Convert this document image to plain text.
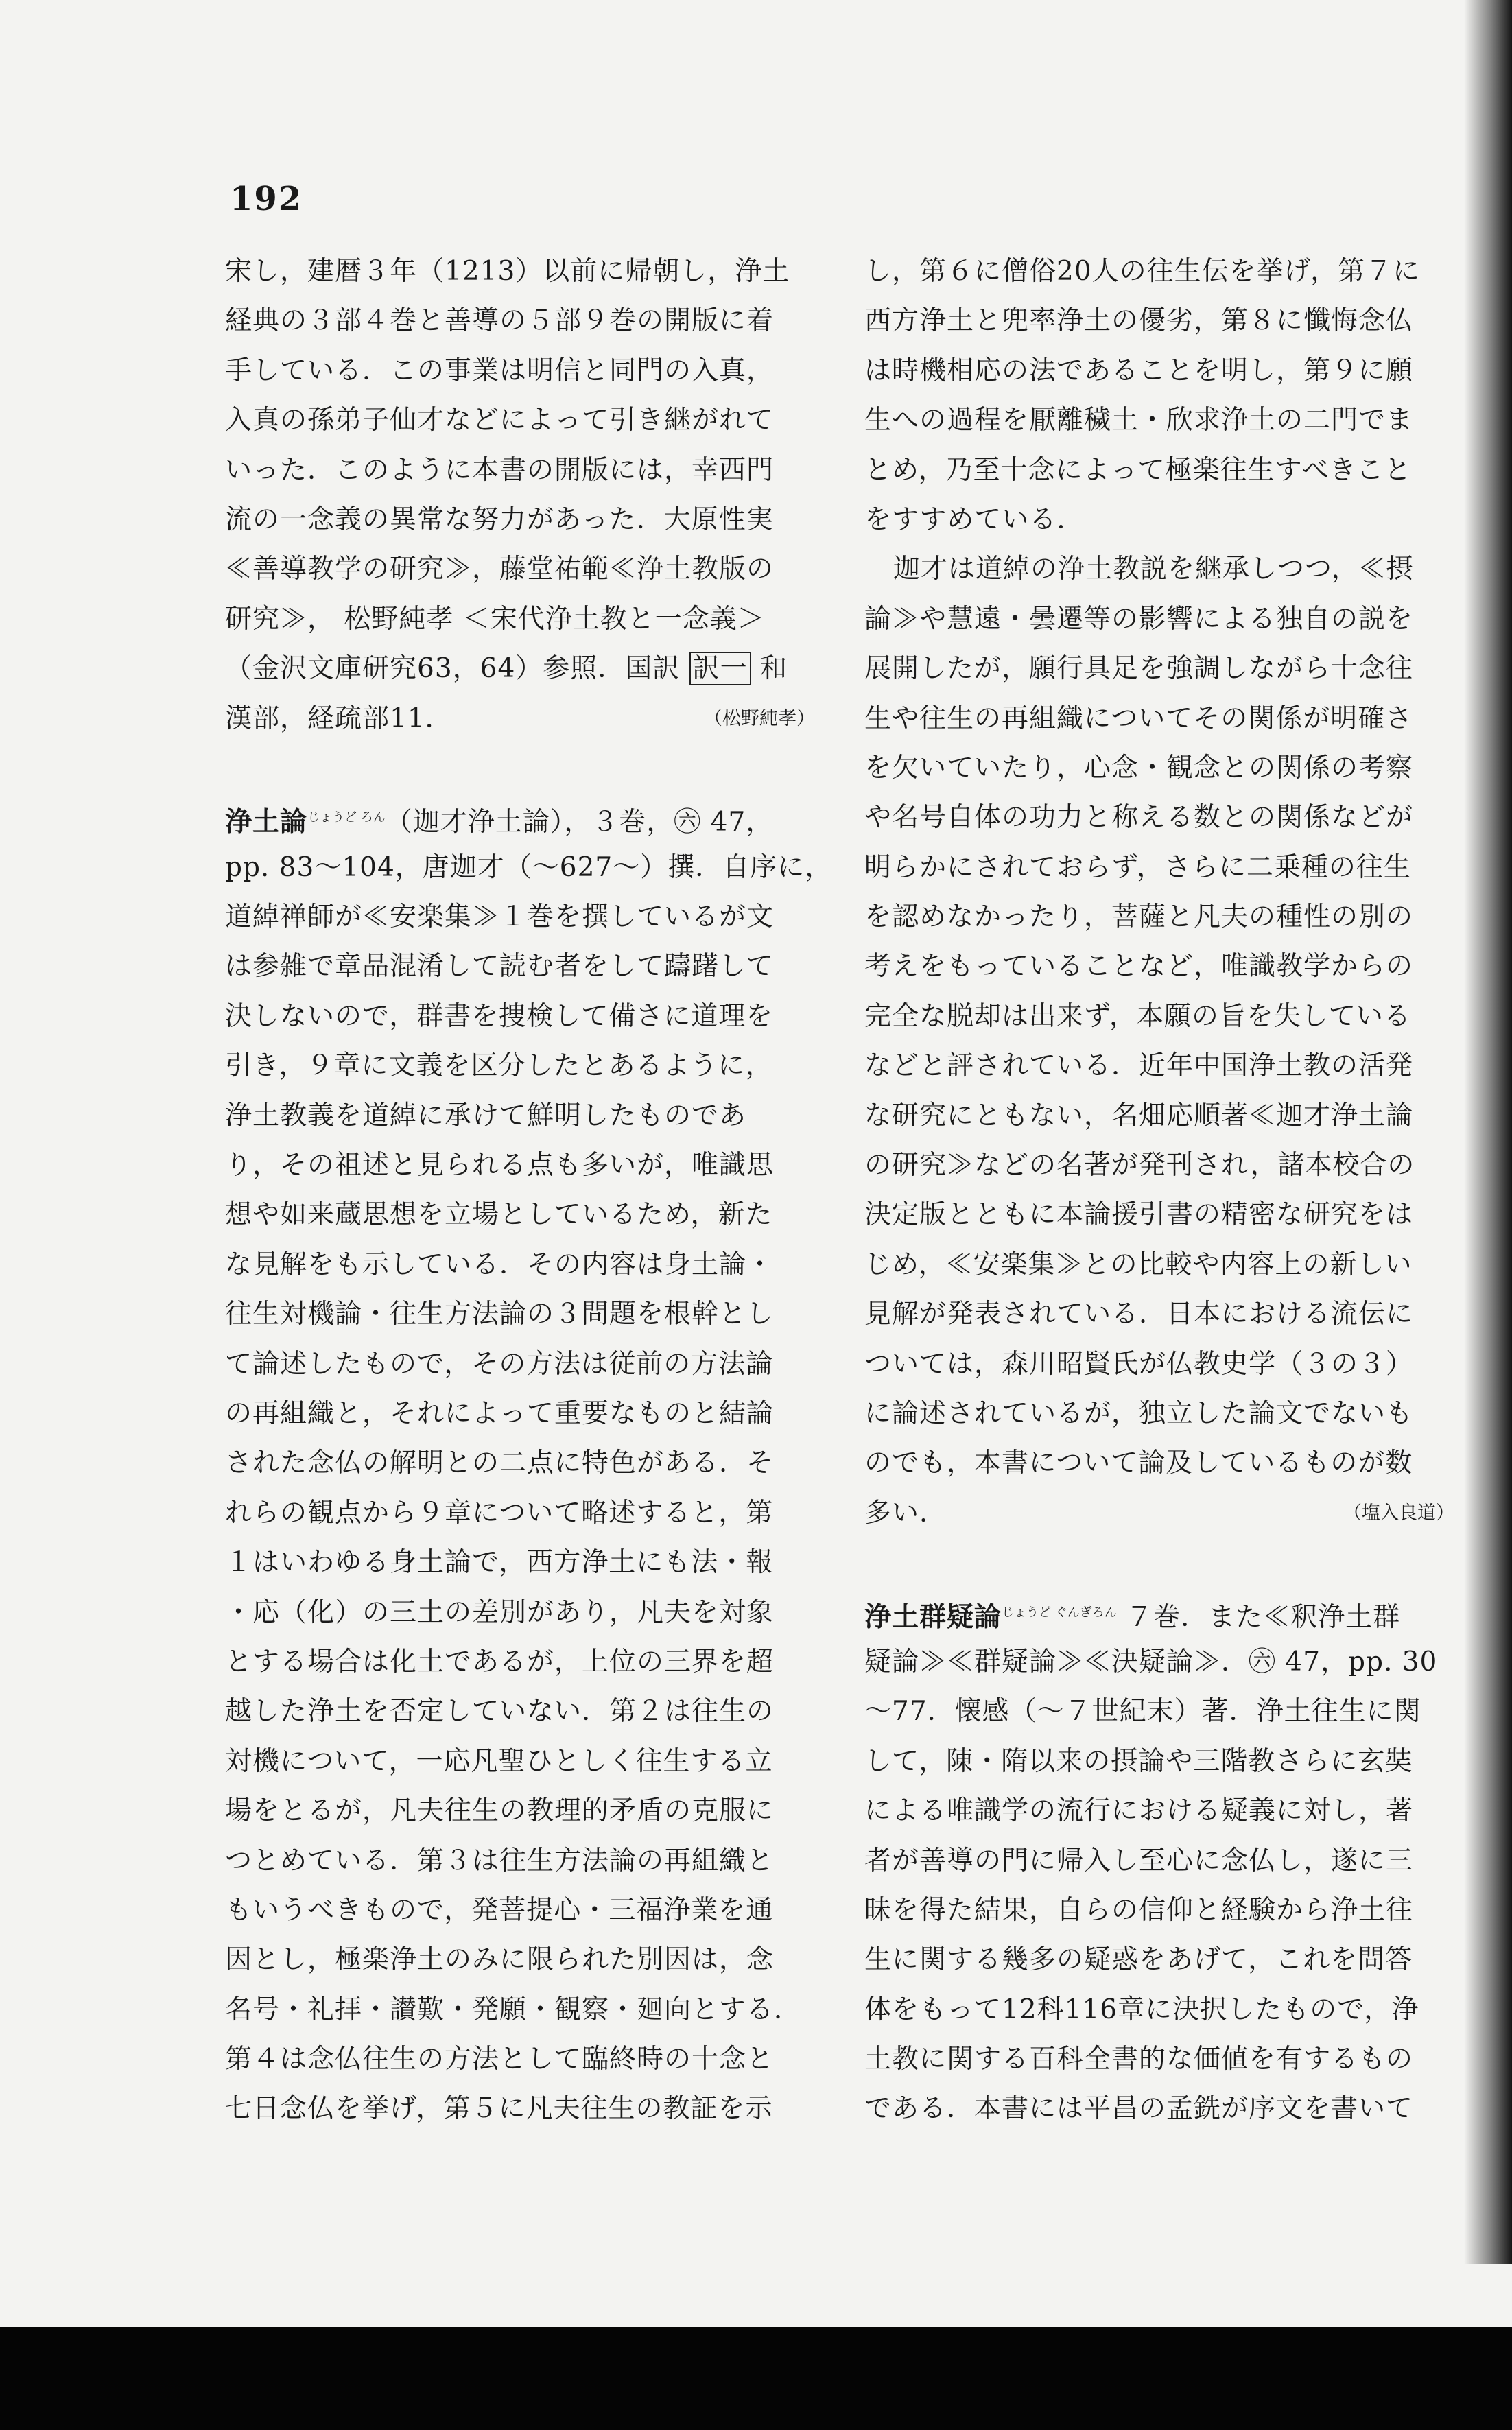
192
宋し，建暦３年（1213）以前に帰朝し，浄土
経典の３部４巻と善導の５部９巻の開版に着
手している．この事業は明信と同門の入真，
入真の孫弟子仙才などによって引き継がれて
いった．このように本書の開版には，幸西門
流の一念義の異常な努力があった．大原性実
≪善導教学の研究≫，藤堂祐範≪浄土教版の
研究≫， 松野純孝 ＜宋代浄土教と一念義＞
（金沢文庫研究63，64）参照．国訳 訳一 和
漢部，経疏部11．	（松野純孝）
浄土論$^{じょうど ろん}$（迦才浄土論），３巻，㊅ 47，
pp. 83～104，唐迦才（～627～）撰．自序に，
道綽禅師が≪安楽集≫１巻を撰しているが文
は参雑で章品混淆して読む者をして躊躇して
決しないので，群書を捜検して備さに道理を
引き，９章に文義を区分したとあるように，
浄土教義を道綽に承けて鮮明したものであ
り，その祖述と見られる点も多いが，唯識思
想や如来蔵思想を立場としているため，新た
な見解をも示している．その内容は身土論・
往生対機論・往生方法論の３問題を根幹とし
て論述したもので，その方法は従前の方法論
の再組織と，それによって重要なものと結論
された念仏の解明との二点に特色がある．そ
れらの観点から９章について略述すると，第
１はいわゆる身土論で，西方浄土にも法・報
・応（化）の三土の差別があり，凡夫を対象
とする場合は化土であるが，上位の三界を超
越した浄土を否定していない．第２は往生の
対機について，一応凡聖ひとしく往生する立
場をとるが，凡夫往生の教理的矛盾の克服に
つとめている．第３は往生方法論の再組織と
もいうべきもので，発菩提心・三福浄業を通
因とし，極楽浄土のみに限られた別因は，念
名号・礼拝・讃歎・発願・観察・廻向とする．
第４は念仏往生の方法として臨終時の十念と
七日念仏を挙げ，第５に凡夫往生の教証を示
し，第６に僧俗20人の往生伝を挙げ，第７に
西方浄土と兜率浄土の優劣，第８に懺悔念仏
は時機相応の法であることを明し，第９に願
生への過程を厭離穢土・欣求浄土の二門でま
とめ，乃至十念によって極楽往生すべきこと
をすすめている．
迦才は道綽の浄土教説を継承しつつ，≪摂
論≫や慧遠・曇遷等の影響による独自の説を
展開したが，願行具足を強調しながら十念往
生や往生の再組織についてその関係が明確さ
を欠いていたり，心念・観念との関係の考察
や名号自体の功力と称える数との関係などが
明らかにされておらず，さらに二乗種の往生
を認めなかったり，菩薩と凡夫の種性の別の
考えをもっていることなど，唯識教学からの
完全な脱却は出来ず，本願の旨を失している
などと評されている．近年中国浄土教の活発
な研究にともない，名畑応順著≪迦才浄土論
の研究≫などの名著が発刊され，諸本校合の
決定版とともに本論援引書の精密な研究をは
じめ，≪安楽集≫との比較や内容上の新しい
見解が発表されている．日本における流伝に
ついては，森川昭賢氏が仏教史学（３の３）
に論述されているが，独立した論文でないも
のでも，本書について論及しているものが数
多い．	（塩入良道）
浄土群疑論$^{じょうど ぐんぎろん}$ ７巻．また≪釈浄土群
疑論≫≪群疑論≫≪決疑論≫．㊅ 47，pp. 30
～77．懐感（～７世紀末）著．浄土往生に関
して，陳・隋以来の摂論や三階教さらに玄奘
による唯識学の流行における疑義に対し，著
者が善導の門に帰入し至心に念仏し，遂に三
昧を得た結果，自らの信仰と経験から浄土往
生に関する幾多の疑惑をあげて，これを問答
体をもって12科116章に決択したもので，浄
土教に関する百科全書的な価値を有するもの
である．本書には平昌の孟銑が序文を書いて
